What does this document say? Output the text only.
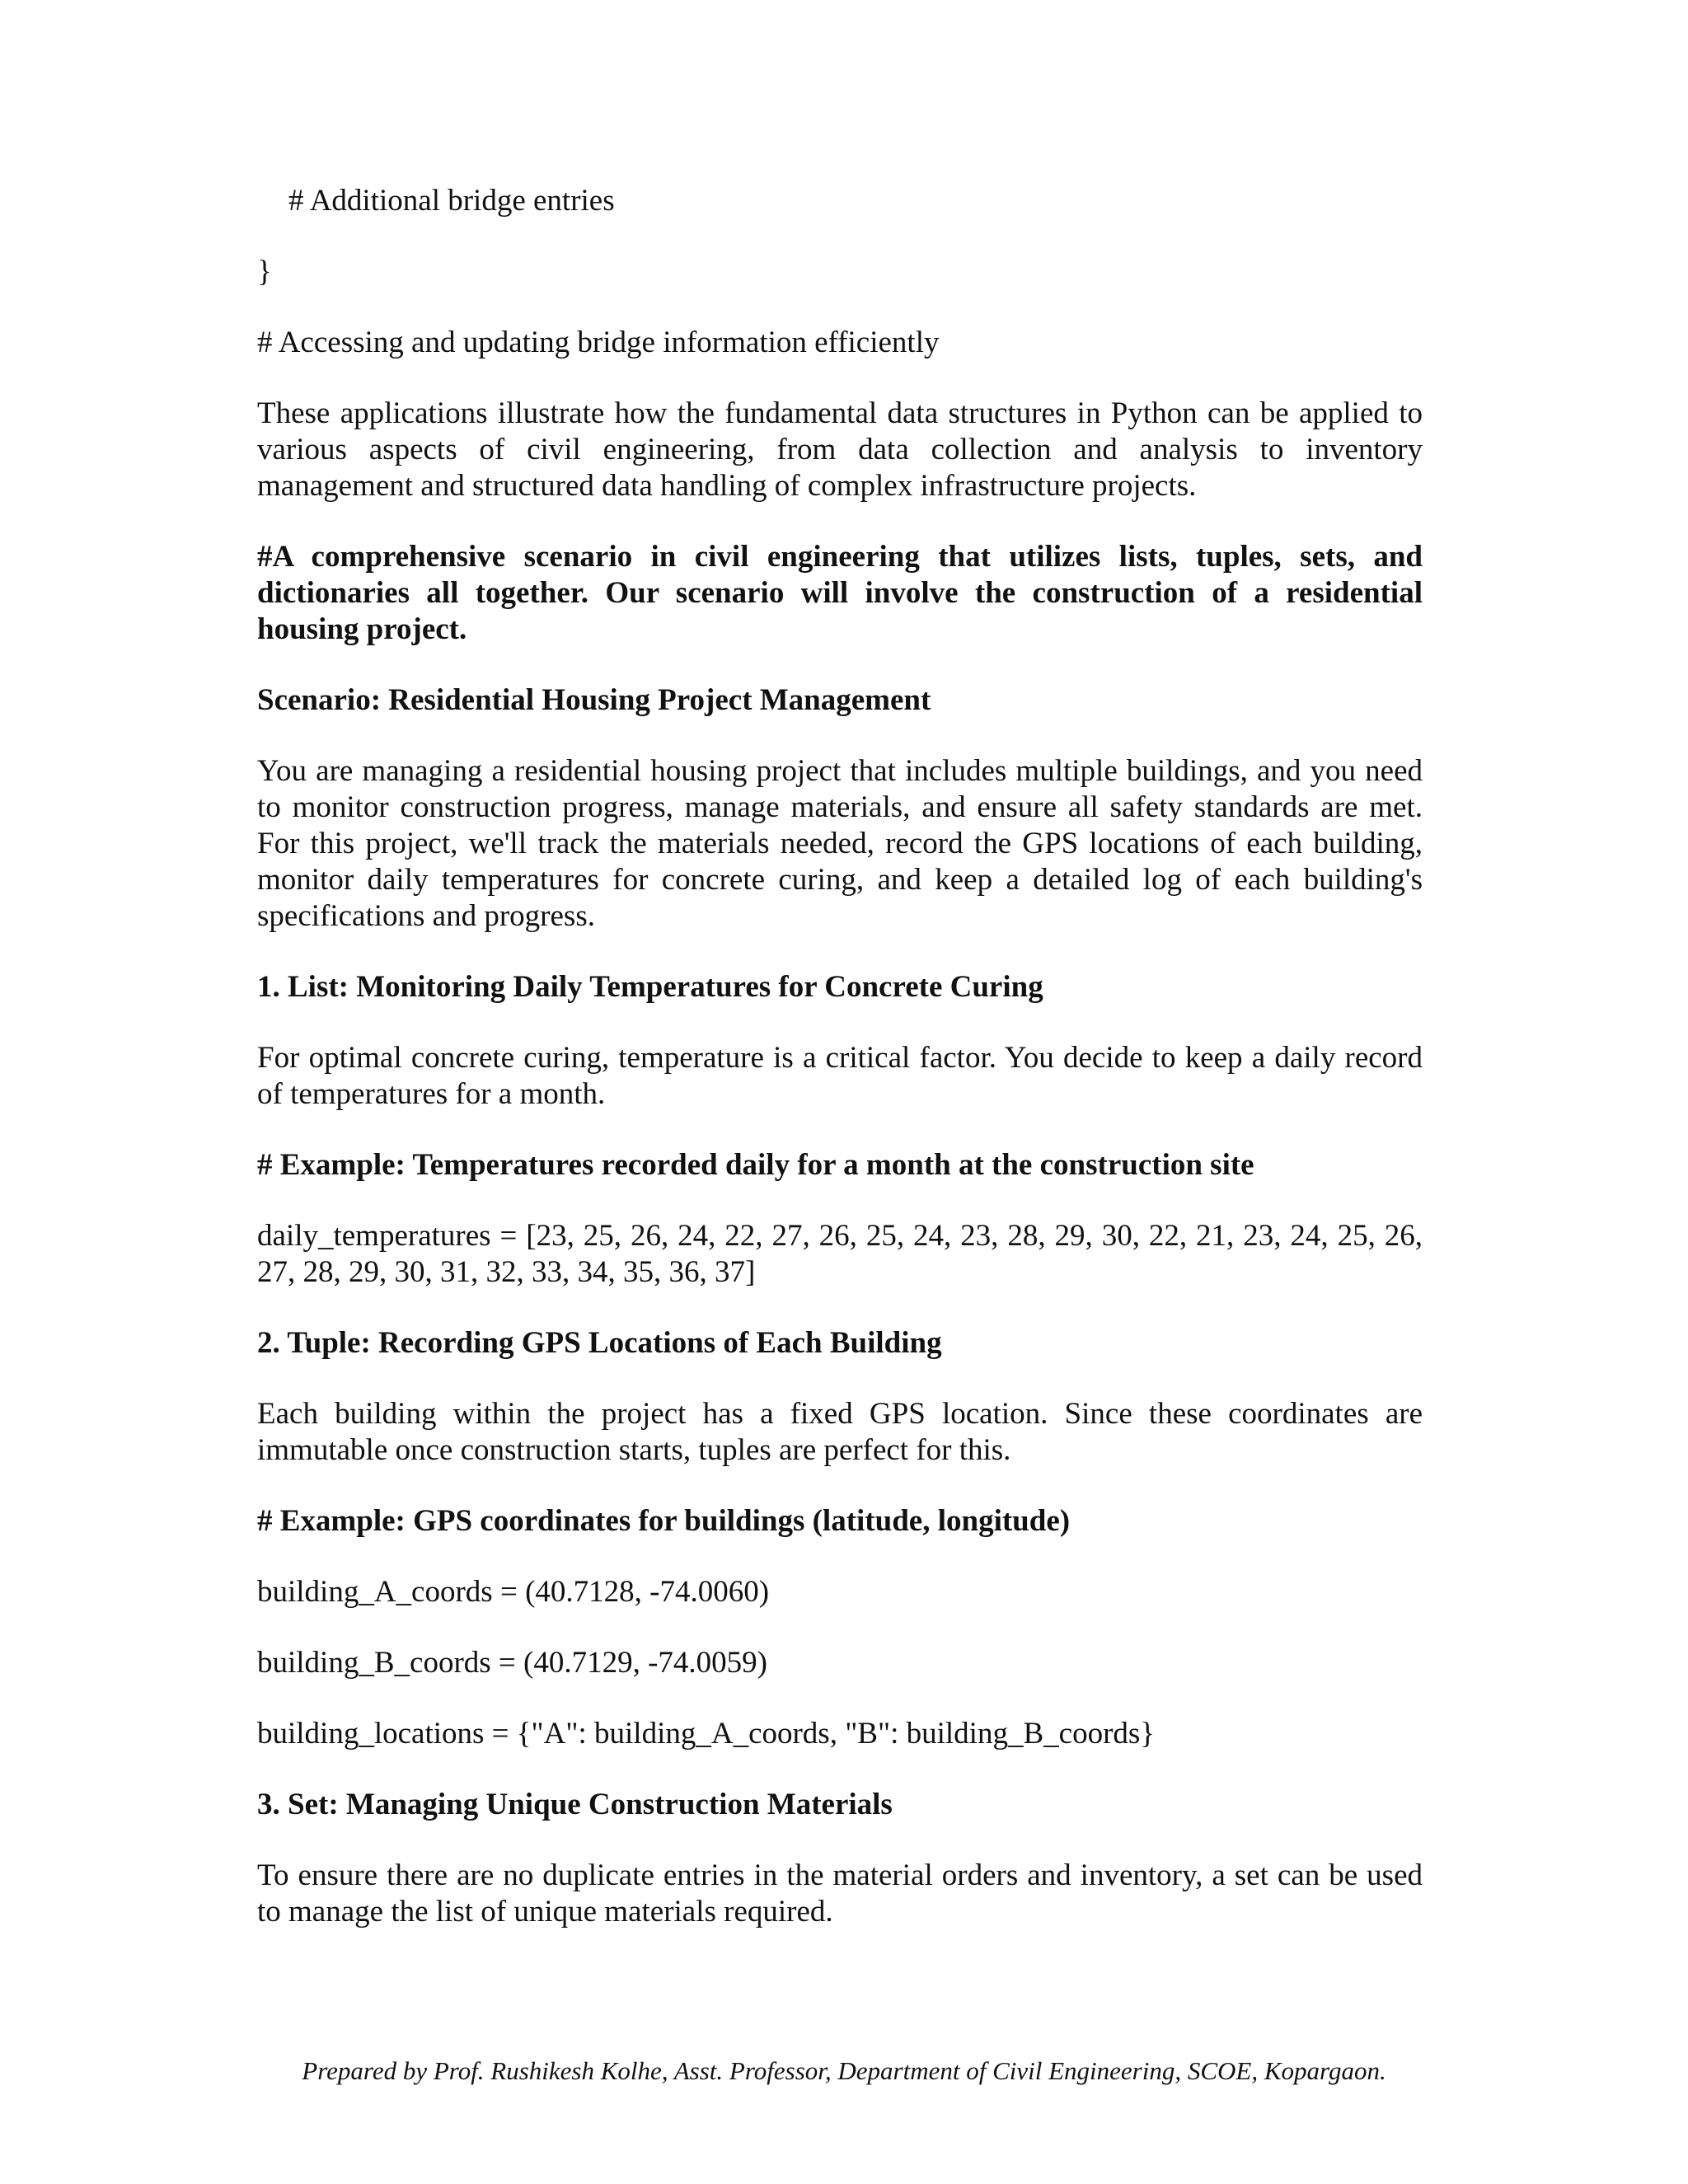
# Additional bridge entries

}

# Accessing and updating bridge information efficiently

These applications illustrate how the fundamental data structures in Python can be applied to various aspects of civil engineering, from data collection and analysis to inventory management and structured data handling of complex infrastructure projects.

#A comprehensive scenario in civil engineering that utilizes lists, tuples, sets, and dictionaries all together. Our scenario will involve the construction of a residential housing project.

Scenario: Residential Housing Project Management

You are managing a residential housing project that includes multiple buildings, and you need to monitor construction progress, manage materials, and ensure all safety standards are met. For this project, we'll track the materials needed, record the GPS locations of each building, monitor daily temperatures for concrete curing, and keep a detailed log of each building's specifications and progress.

1. List: Monitoring Daily Temperatures for Concrete Curing

For optimal concrete curing, temperature is a critical factor. You decide to keep a daily record of temperatures for a month.

# Example: Temperatures recorded daily for a month at the construction site

daily_temperatures = [23, 25, 26, 24, 22, 27, 26, 25, 24, 23, 28, 29, 30, 22, 21, 23, 24, 25, 26, 27, 28, 29, 30, 31, 32, 33, 34, 35, 36, 37]

2. Tuple: Recording GPS Locations of Each Building

Each building within the project has a fixed GPS location. Since these coordinates are immutable once construction starts, tuples are perfect for this.

# Example: GPS coordinates for buildings (latitude, longitude)

building_A_coords = (40.7128, -74.0060)

building_B_coords = (40.7129, -74.0059)

building_locations = {"A": building_A_coords, "B": building_B_coords}

3. Set: Managing Unique Construction Materials

To ensure there are no duplicate entries in the material orders and inventory, a set can be used to manage the list of unique materials required.

Prepared by Prof. Rushikesh Kolhe, Asst. Professor, Department of Civil Engineering, SCOE, Kopargaon.
